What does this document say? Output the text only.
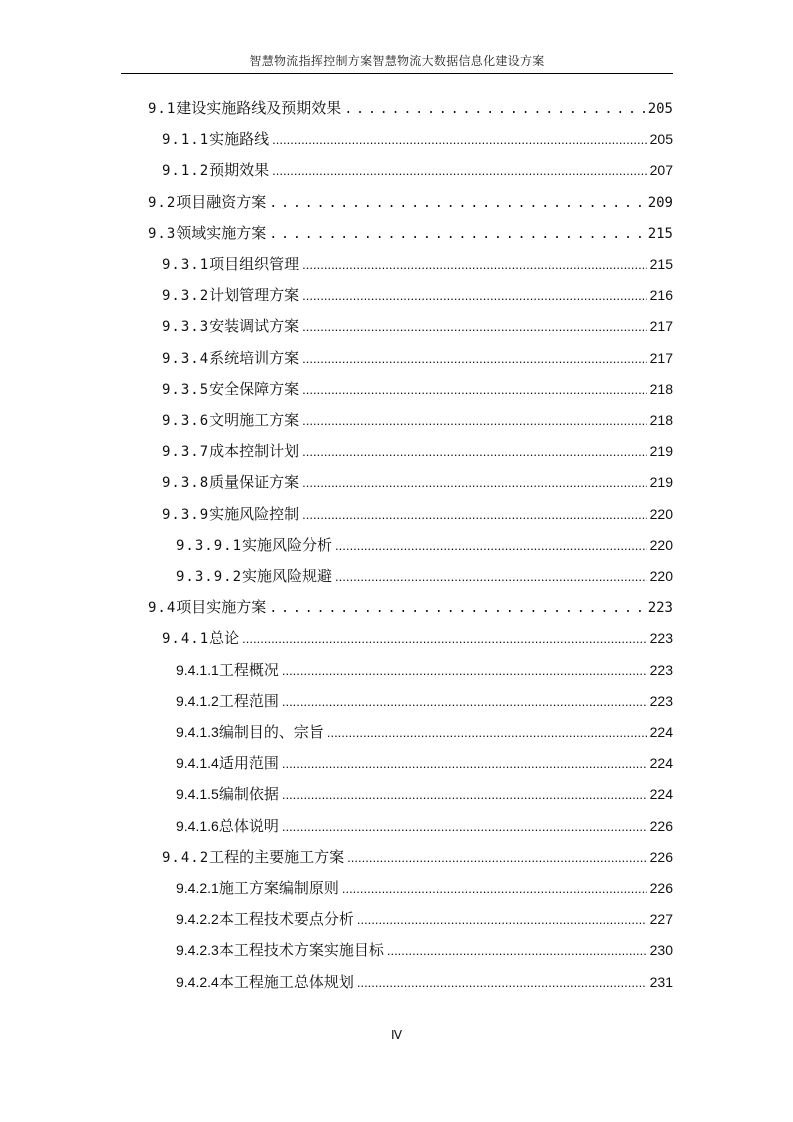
智慧物流指挥控制方案智慧物流大数据信息化建设方案
9.1 建设实施路线及预期效果 .....	205
9.1.1 实施路线 .....	205
9.1.2 预期效果 .....	207
9.2 项目融资方案 .....	209
9.3 领域实施方案 .....	215
9.3.1 项目组织管理 .....	215
9.3.2 计划管理方案 .....	216
9.3.3 安装调试方案 .....	217
9.3.4 系统培训方案 .....	217
9.3.5 安全保障方案 .....	218
9.3.6 文明施工方案 .....	218
9.3.7 成本控制计划 .....	219
9.3.8 质量保证方案 .....	219
9.3.9 实施风险控制 .....	220
9.3.9.1 实施风险分析 .....	220
9.3.9.2 实施风险规避 .....	220
9.4 项目实施方案 .....	223
9.4.1 总论 .....	223
9.4.1.1 工程概况 .....	223
9.4.1.2 工程范围 .....	223
9.4.1.3 编制目的、宗旨 .....	224
9.4.1.4 适用范围 .....	224
9.4.1.5 编制依据 .....	224
9.4.1.6 总体说明 .....	226
9.4.2 工程的主要施工方案 .....	226
9.4.2.1 施工方案编制原则 .....	226
9.4.2.2 本工程技术要点分析 .....	227
9.4.2.3 本工程技术方案实施目标 .....	230
9.4.2.4 本工程施工总体规划 .....	231
Ⅳ
